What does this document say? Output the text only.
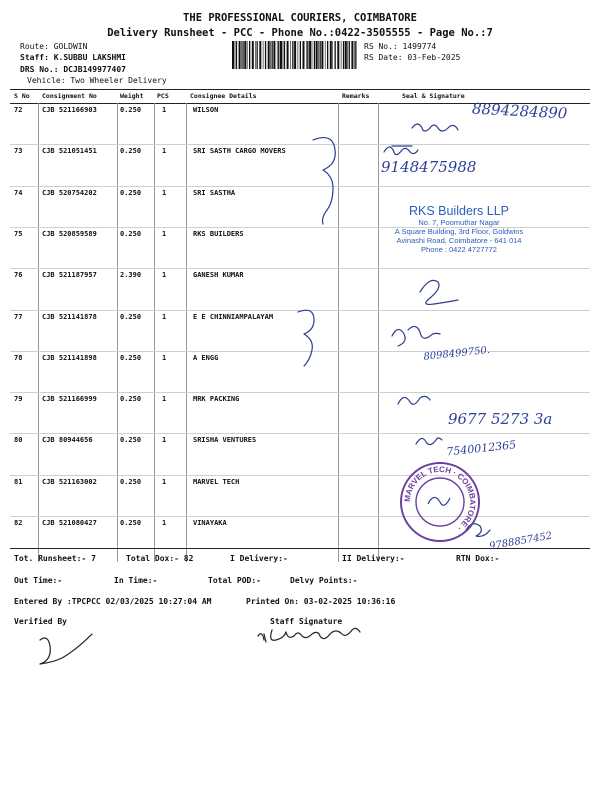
THE PROFESSIONAL COURIERS, COIMBATORE
Delivery Runsheet - PCC - Phone No.:0422-3505555 - Page No.:7
Route: GOLDWIN
Staff: K.SUBBU LAKSHMI
DRS No.: DCJB149977407
Vehicle: Two Wheeler Delivery
RS No.: 1499774
RS Date: 03-Feb-2025
S No Consignment No	Weight PCS	Consignee Details	Remarks	Seal & Signature
72	CJB 521166903	0.250	1	WILSON
73	CJB 521051451	0.250	1	SRI SASTH CARGO MOVERS
74	CJB 520754202	0.250	1	SRI SASTHA
75	CJB 520859589	0.250	1	RKS BUILDERS
76	CJB 521187957	2.390	1	GANESH KUMAR
77	CJB 521141878	0.250	1	E E CHINNIAMPALAYAM
78	CJB 521141898	0.250	1	A ENGG
79	CJB 521166999	0.250	1	MRK PACKING
80	CJB 80944656	0.250	1	SRISHA VENTURES
81	CJB 521163002	0.250	1	MARVEL TECH
82	CJB 521080427	0.250	1	VINAYAKA
8894284890
9148475988
8098499750.
9677 5273 3a
7540012365
9788857452
RKS Builders LLP
No. 7, Poomuthar Nagar
A Square Building, 3rd Floor, Goldwins
Avinashi Road, Coimbatore - 641 014
Phone : 0422 4727772
MARVEL TECH · COIMBATORE ·
Tot. Runsheet:- 7	Total Dox:- 82	I Delivery:-	II Delivery:-	RTN Dox:-
Out Time:-	In Time:-	Total POD:-	Delvy Points:-
Entered By :TPCPCC 02/03/2025 10:27:04 AM	Printed On: 03-02-2025 10:36:16
Verified By	Staff Signature
